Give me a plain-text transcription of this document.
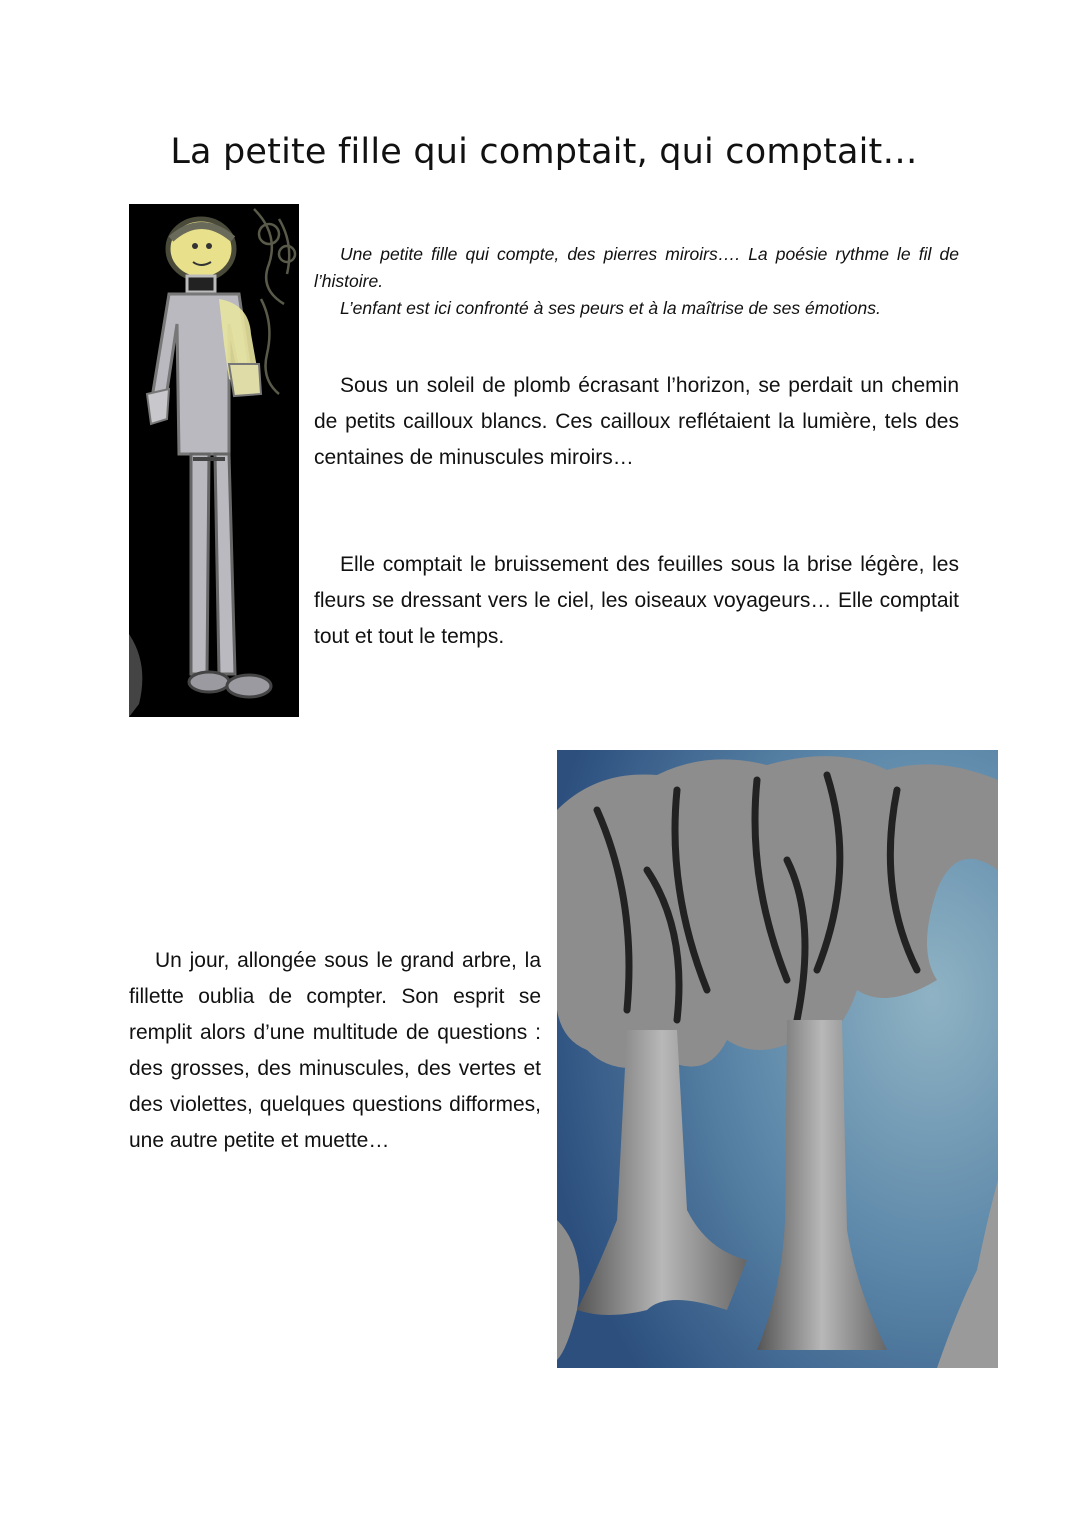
La petite fille qui comptait, qui comptait…

Une petite fille qui compte, des pierres miroirs…. La poésie rythme le fil de l’histoire.

L’enfant est ici confronté à ses peurs et à la maîtrise de ses émotions.

Sous un soleil de plomb écrasant l’horizon, se perdait un chemin de petits cailloux blancs. Ces cailloux reflétaient la lumière, tels des centaines de minuscules miroirs…

Elle comptait le bruissement des feuilles sous la brise légère, les fleurs se dressant vers le ciel, les oiseaux voyageurs… Elle comptait tout et tout le temps.

Un jour, allongée sous le grand arbre, la fillette oublia de compter. Son esprit se remplit alors d’une multitude de questions : des grosses, des minuscules, des vertes et des violettes, quelques questions difformes, une autre petite et muette…
